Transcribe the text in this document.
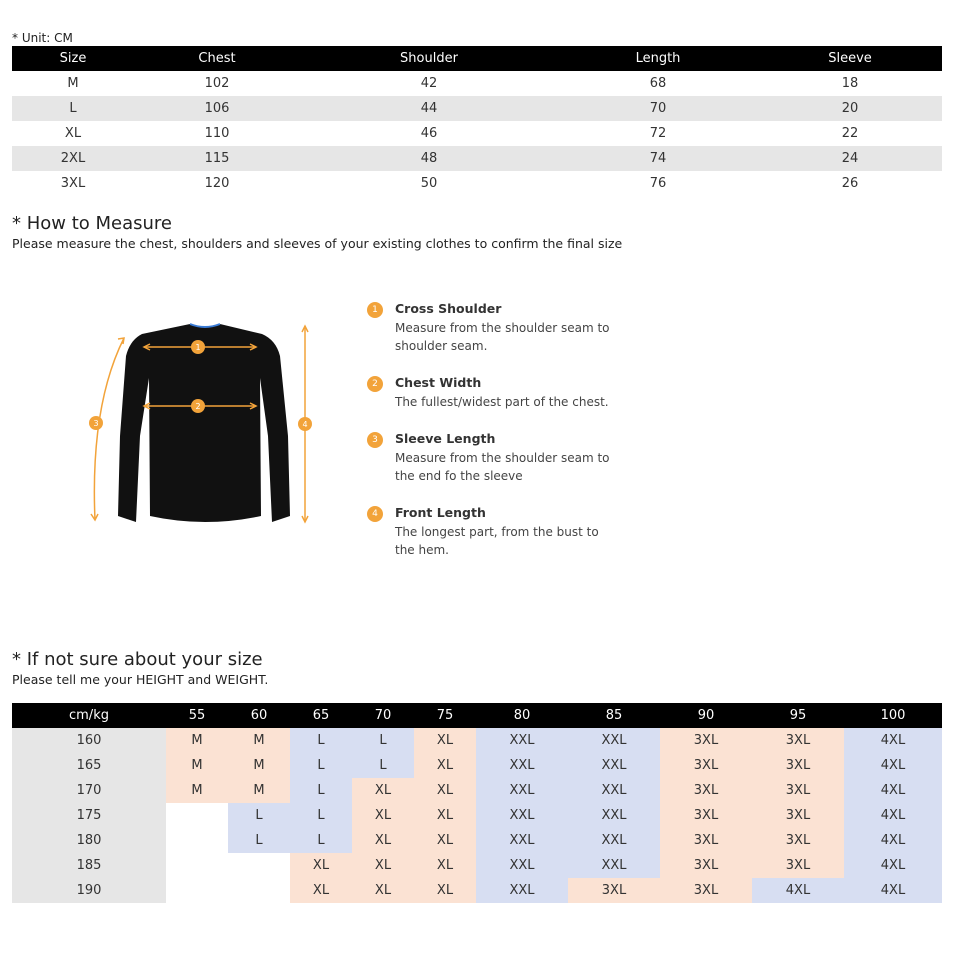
* Unit: CM
Size	Chest	Shoulder	Length	Sleeve
M	102	42	68	18
L	106	44	70	20
XL	110	46	72	22
2XL	115	48	74	24
3XL	120	50	76	26
* How to Measure
Please measure the chest, shoulders and sleeves of your existing clothes to confirm the final size
1
2
3	4
1	Cross Shoulder
Measure from the shoulder seam to shoulder seam.
2	Chest Width
The fullest/widest part of the chest.
3	Sleeve Length
Measure from the shoulder seam to the end fo the sleeve
4	Front Length
The longest part, from the bust to the hem.
* If not sure about your size
Please tell me your HEIGHT and WEIGHT.
cm/kg	55	60	65	70	75	80	85	90	95	100
160	M	M	L	L	XL	XXL	XXL	3XL	3XL	4XL
165	M	M	L	L	XL	XXL	XXL	3XL	3XL	4XL
170	M	M	L	XL	XL	XXL	XXL	3XL	3XL	4XL
175		L	L	XL	XL	XXL	XXL	3XL	3XL	4XL
180		L	L	XL	XL	XXL	XXL	3XL	3XL	4XL
185			XL	XL	XL	XXL	XXL	3XL	3XL	4XL
190			XL	XL	XL	XXL	3XL	3XL	4XL	4XL
